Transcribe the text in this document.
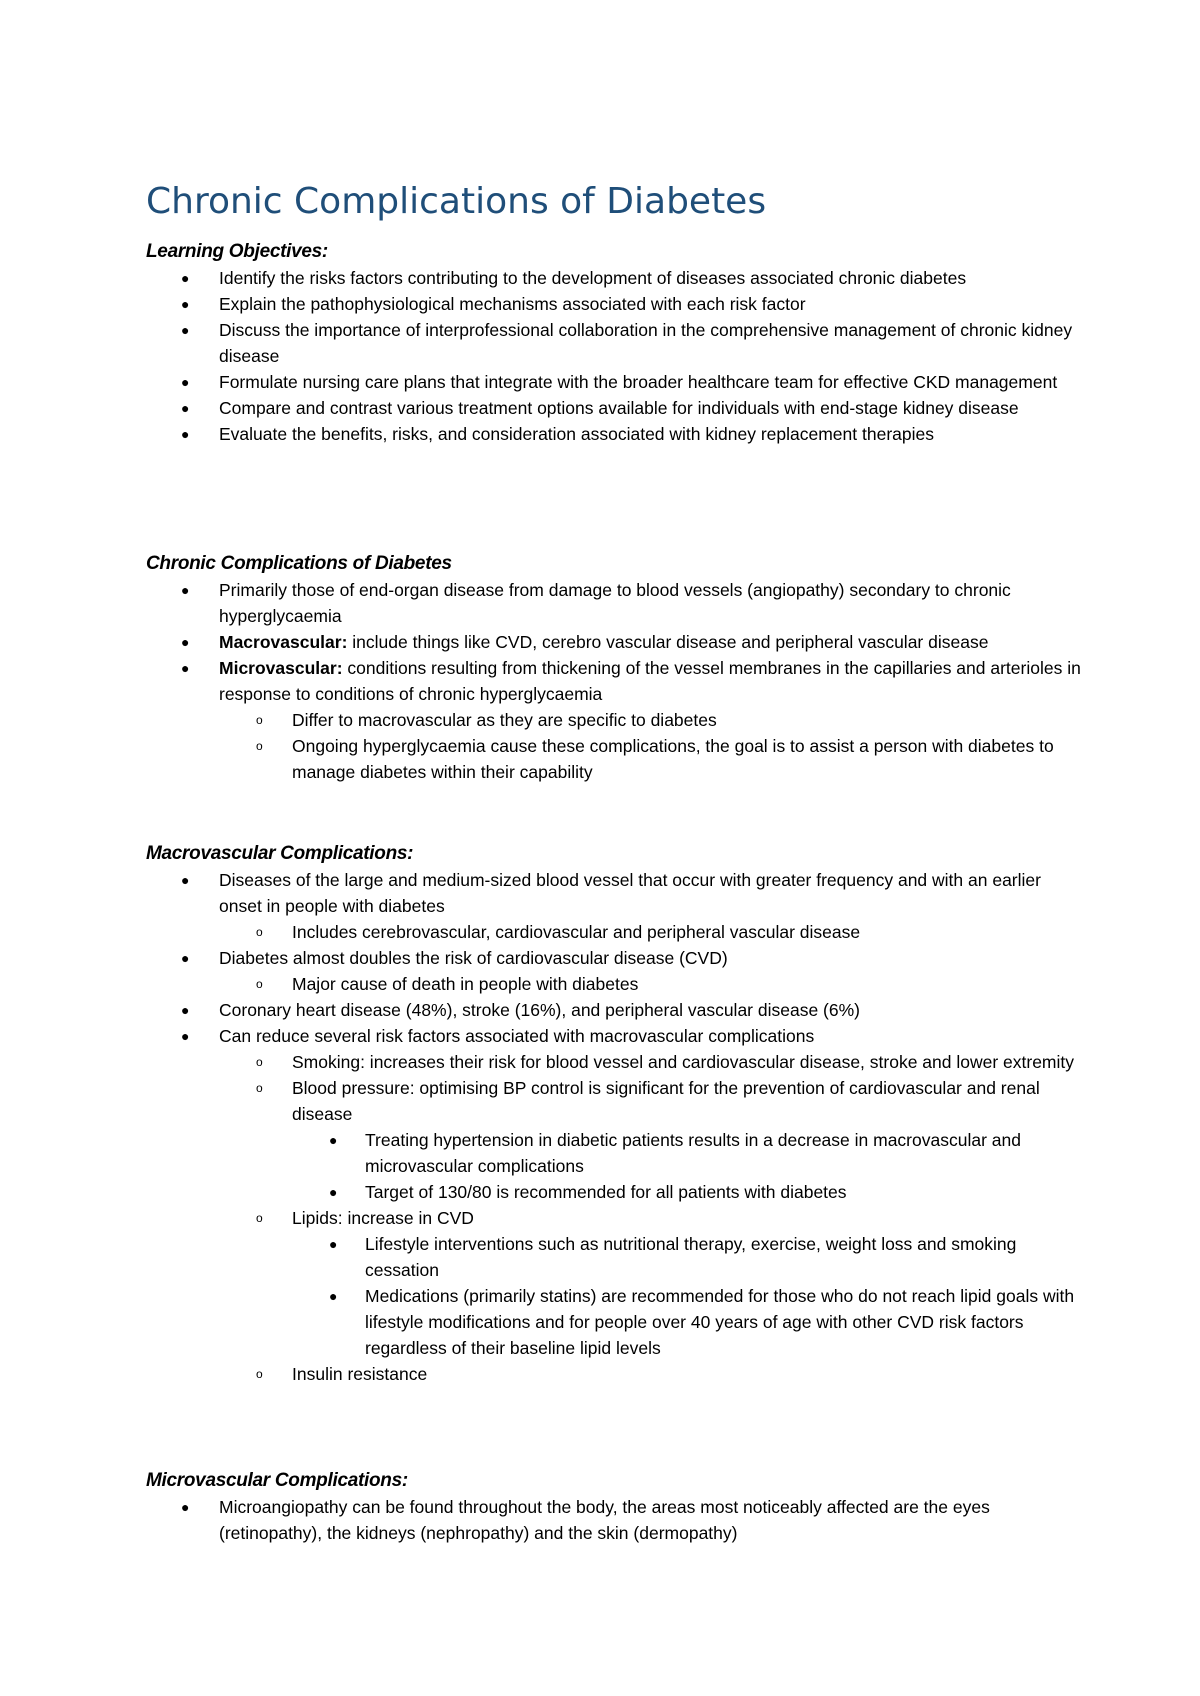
Chronic Complications of Diabetes
Learning Objectives:
● Identify the risks factors contributing to the development of diseases associated chronic diabetes
● Explain the pathophysiological mechanisms associated with each risk factor
● Discuss the importance of interprofessional collaboration in the comprehensive management of chronic kidney disease
● Formulate nursing care plans that integrate with the broader healthcare team for effective CKD management
● Compare and contrast various treatment options available for individuals with end-stage kidney disease
● Evaluate the benefits, risks, and consideration associated with kidney replacement therapies
Chronic Complications of Diabetes
● Primarily those of end-organ disease from damage to blood vessels (angiopathy) secondary to chronic hyperglycaemia
● Macrovascular: include things like CVD, cerebro vascular disease and peripheral vascular disease
● Microvascular: conditions resulting from thickening of the vessel membranes in the capillaries and arterioles in response to conditions of chronic hyperglycaemia
o Differ to macrovascular as they are specific to diabetes
o Ongoing hyperglycaemia cause these complications, the goal is to assist a person with diabetes to manage diabetes within their capability
Macrovascular Complications:
● Diseases of the large and medium-sized blood vessel that occur with greater frequency and with an earlier onset in people with diabetes
o Includes cerebrovascular, cardiovascular and peripheral vascular disease
● Diabetes almost doubles the risk of cardiovascular disease (CVD)
o Major cause of death in people with diabetes
● Coronary heart disease (48%), stroke (16%), and peripheral vascular disease (6%)
● Can reduce several risk factors associated with macrovascular complications
o Smoking: increases their risk for blood vessel and cardiovascular disease, stroke and lower extremity
o Blood pressure: optimising BP control is significant for the prevention of cardiovascular and renal disease
● Treating hypertension in diabetic patients results in a decrease in macrovascular and microvascular complications
● Target of 130/80 is recommended for all patients with diabetes
o Lipids: increase in CVD
● Lifestyle interventions such as nutritional therapy, exercise, weight loss and smoking cessation
● Medications (primarily statins) are recommended for those who do not reach lipid goals with lifestyle modifications and for people over 40 years of age with other CVD risk factors regardless of their baseline lipid levels
o Insulin resistance
Microvascular Complications:
● Microangiopathy can be found throughout the body, the areas most noticeably affected are the eyes (retinopathy), the kidneys (nephropathy) and the skin (dermopathy)
